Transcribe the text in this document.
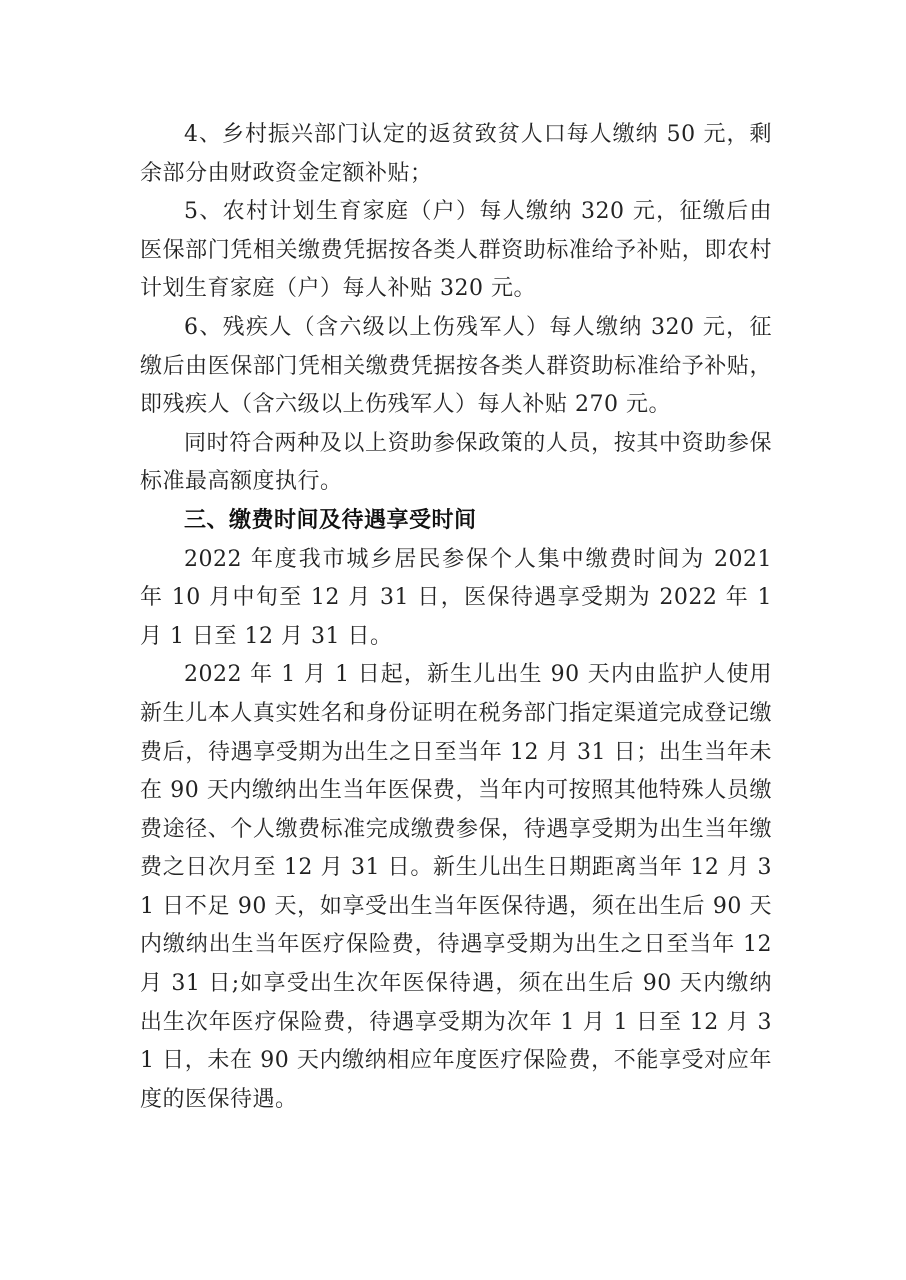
4、乡村振兴部门认定的返贫致贫人口每人缴纳 50 元，剩余部分由财政资金定额补贴；

5、农村计划生育家庭（户）每人缴纳 320 元，征缴后由医保部门凭相关缴费凭据按各类人群资助标准给予补贴，即农村计划生育家庭（户）每人补贴 320 元。

6、残疾人（含六级以上伤残军人）每人缴纳 320 元，征缴后由医保部门凭相关缴费凭据按各类人群资助标准给予补贴，即残疾人（含六级以上伤残军人）每人补贴 270 元。

同时符合两种及以上资助参保政策的人员，按其中资助参保标准最高额度执行。

三、缴费时间及待遇享受时间

2022 年度我市城乡居民参保个人集中缴费时间为 2021 年 10 月中旬至 12 月 31 日，医保待遇享受期为 2022 年 1 月 1 日至 12 月 31 日。

2022 年 1 月 1 日起，新生儿出生 90 天内由监护人使用新生儿本人真实姓名和身份证明在税务部门指定渠道完成登记缴费后，待遇享受期为出生之日至当年 12 月 31 日；出生当年未在 90 天内缴纳出生当年医保费，当年内可按照其他特殊人员缴费途径、个人缴费标准完成缴费参保，待遇享受期为出生当年缴费之日次月至 12 月 31 日。新生儿出生日期距离当年 12 月 31 日不足 90 天，如享受出生当年医保待遇，须在出生后 90 天内缴纳出生当年医疗保险费，待遇享受期为出生之日至当年 12 月 31 日;如享受出生次年医保待遇，须在出生后 90 天内缴纳出生次年医疗保险费，待遇享受期为次年 1 月 1 日至 12 月 31 日，未在 90 天内缴纳相应年度医疗保险费，不能享受对应年度的医保待遇。
